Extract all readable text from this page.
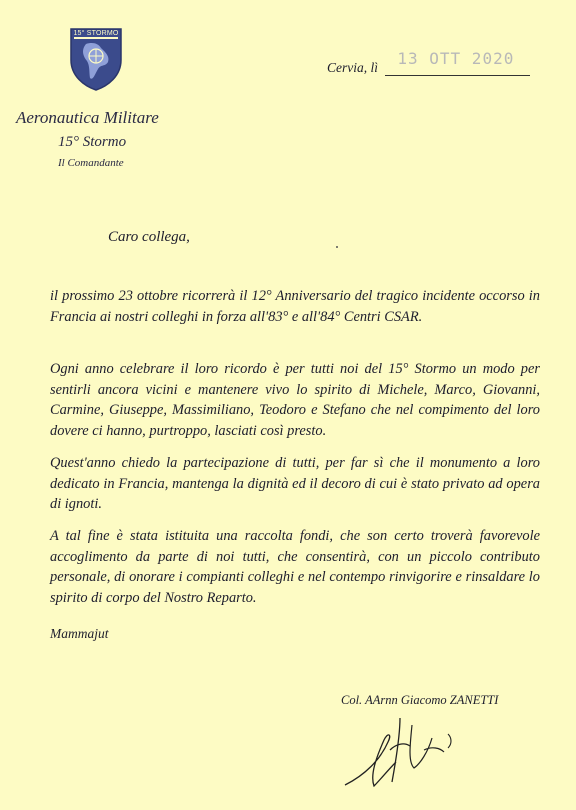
15° STORMO
Aeronautica Militare
15° Stormo
Il Comandante
Cervia, lì 13 OTT 2020
Caro collega,

il prossimo 23 ottobre ricorrerà il 12° Anniversario del tragico incidente occorso in Francia ai nostri colleghi in forza all'83° e all'84° Centri CSAR.

Ogni anno celebrare il loro ricordo è per tutti noi del 15° Stormo un modo per sentirli ancora vicini e mantenere vivo lo spirito di Michele, Marco, Giovanni, Carmine, Giuseppe, Massimiliano, Teodoro e Stefano che nel compimento del loro dovere ci hanno, purtroppo, lasciati così presto.

Quest'anno chiedo la partecipazione di tutti, per far sì che il monumento a loro dedicato in Francia, mantenga la dignità ed il decoro di cui è stato privato ad opera di ignoti.

A tal fine è stata istituita una raccolta fondi, che son certo troverà favorevole accoglimento da parte di noi tutti, che consentirà, con un piccolo contributo personale, di onorare i compianti colleghi e nel contempo rinvigorire e rinsaldare lo spirito di corpo del Nostro Reparto.

Mammajut
Col. AArnn Giacomo ZANETTI
